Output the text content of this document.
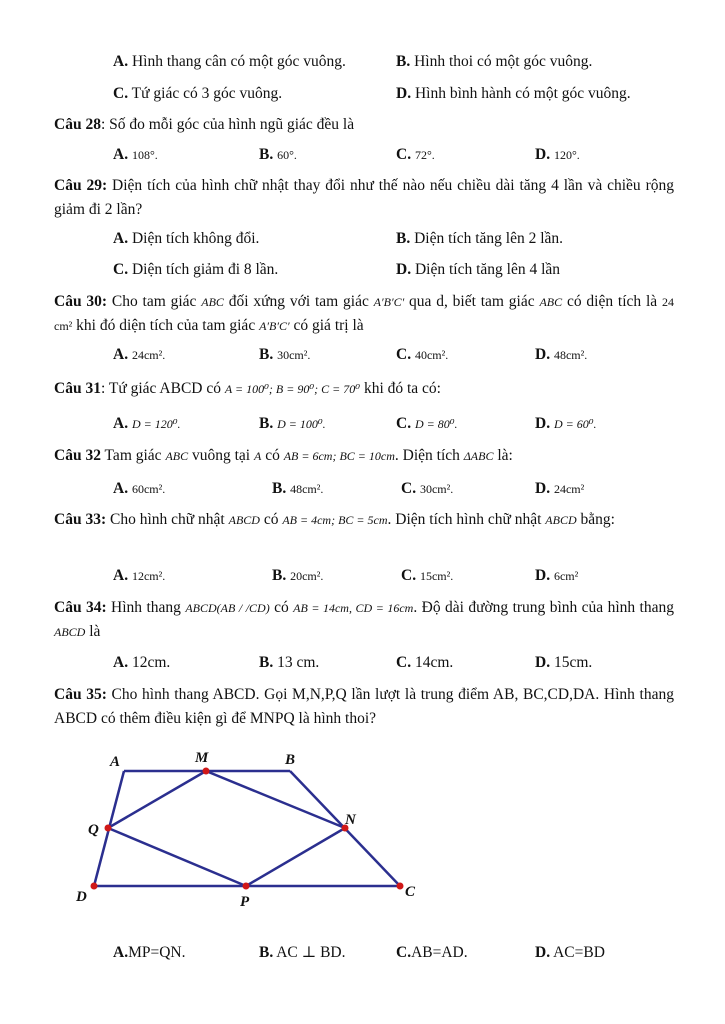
A. Hình thang cân có một góc vuông.	B. Hình thoi có một góc vuông.
C. Tứ giác có 3 góc vuông.	D. Hình bình hành có một góc vuông.
Câu 28: Số đo mỗi góc của hình ngũ giác đều là
A. 108°.	B. 60°.	C. 72°.	D. 120°.
Câu 29: Diện tích của hình chữ nhật thay đổi như thế nào nếu chiều dài tăng 4 lần và chiều rộng giảm đi 2 lần?
A. Diện tích không đổi.	B. Diện tích tăng lên 2 lần.
C. Diện tích giảm đi 8 lần.	D. Diện tích tăng lên 4 lần
Câu 30: Cho tam giác ABC đối xứng với tam giác A′B′C′ qua d, biết tam giác ABC có diện tích là 24 cm² khi đó diện tích của tam giác A′B′C′ có giá trị là
A. 24cm².	B. 30cm².	C. 40cm².	D. 48cm².
Câu 31: Tứ giác ABCD có A = 100⁰; B = 90⁰; C = 70⁰ khi đó ta có:
A. D = 120⁰.	B. D = 100⁰.	C. D = 80⁰.	D. D = 60⁰.
Câu 32 Tam giác ABC vuông tại A có AB = 6cm; BC = 10cm. Diện tích ΔABC là:
A. 60cm².	B. 48cm².	C. 30cm².	D. 24cm²
Câu 33: Cho hình chữ nhật ABCD có AB = 4cm; BC = 5cm. Diện tích hình chữ nhật ABCD bằng:
A. 12cm².	B. 20cm².	C. 15cm².	D. 6cm²
Câu 34: Hình thang ABCD(AB / /CD) có AB = 14cm, CD = 16cm. Độ dài đường trung bình của hình thang ABCD là
A. 12cm.	B. 13 cm.	C. 14cm.	D. 15cm.
Câu 35: Cho hình thang ABCD. Gọi M,N,P,Q lần lượt là trung điểm AB, BC,CD,DA. Hình thang ABCD có thêm điều kiện gì để MNPQ là hình thoi?
A	M	B
Q
N
D	P
C
A.MP=QN.	B. AC ⊥ BD.	C.AB=AD.	D. AC=BD
